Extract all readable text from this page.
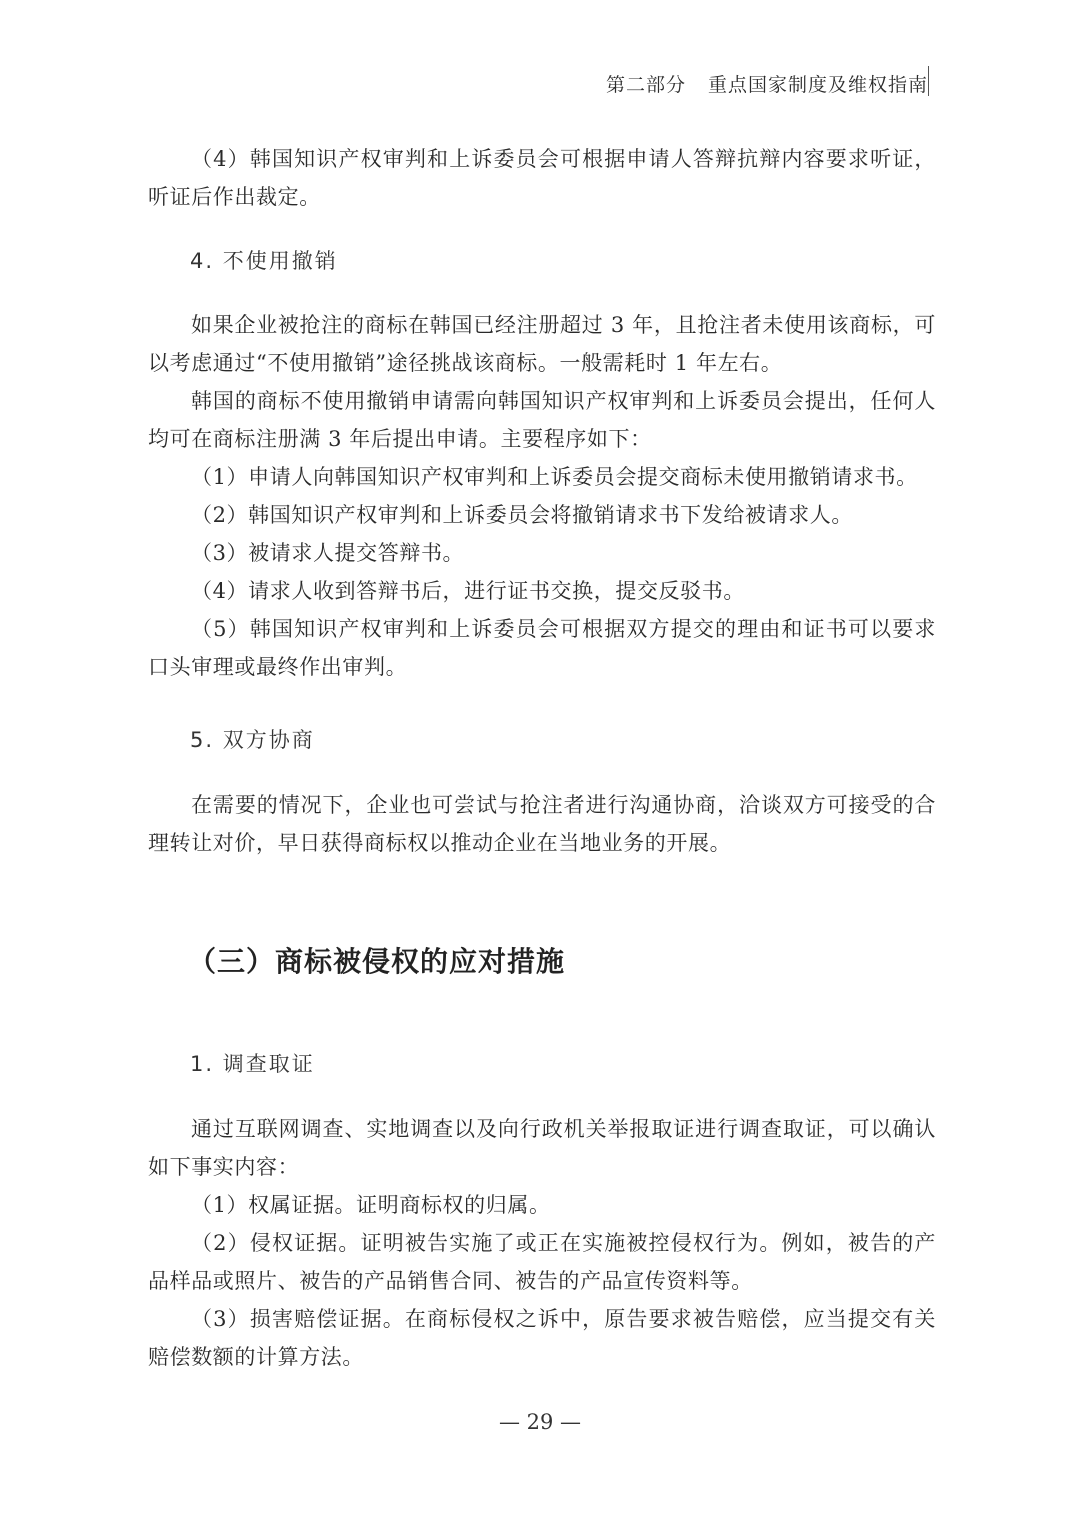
第二部分 重点国家制度及维权指南

（4）韩国知识产权审判和上诉委员会可根据申请人答辩抗辩内容要求听证，听证后作出裁定。

4. 不使用撤销

如果企业被抢注的商标在韩国已经注册超过 3 年，且抢注者未使用该商标，可以考虑通过“不使用撤销”途径挑战该商标。一般需耗时 1 年左右。

韩国的商标不使用撤销申请需向韩国知识产权审判和上诉委员会提出，任何人均可在商标注册满 3 年后提出申请。主要程序如下：

（1）申请人向韩国知识产权审判和上诉委员会提交商标未使用撤销请求书。

（2）韩国知识产权审判和上诉委员会将撤销请求书下发给被请求人。

（3）被请求人提交答辩书。

（4）请求人收到答辩书后，进行证书交换，提交反驳书。

（5）韩国知识产权审判和上诉委员会可根据双方提交的理由和证书可以要求口头审理或最终作出审判。

5. 双方协商

在需要的情况下，企业也可尝试与抢注者进行沟通协商，洽谈双方可接受的合理转让对价，早日获得商标权以推动企业在当地业务的开展。

（三）商标被侵权的应对措施
1. 调查取证

通过互联网调查、实地调查以及向行政机关举报取证进行调查取证，可以确认如下事实内容：

（1）权属证据。证明商标权的归属。

（2）侵权证据。证明被告实施了或正在实施被控侵权行为。例如，被告的产品样品或照片、被告的产品销售合同、被告的产品宣传资料等。

（3）损害赔偿证据。在商标侵权之诉中，原告要求被告赔偿，应当提交有关赔偿数额的计算方法。

— 29 —
